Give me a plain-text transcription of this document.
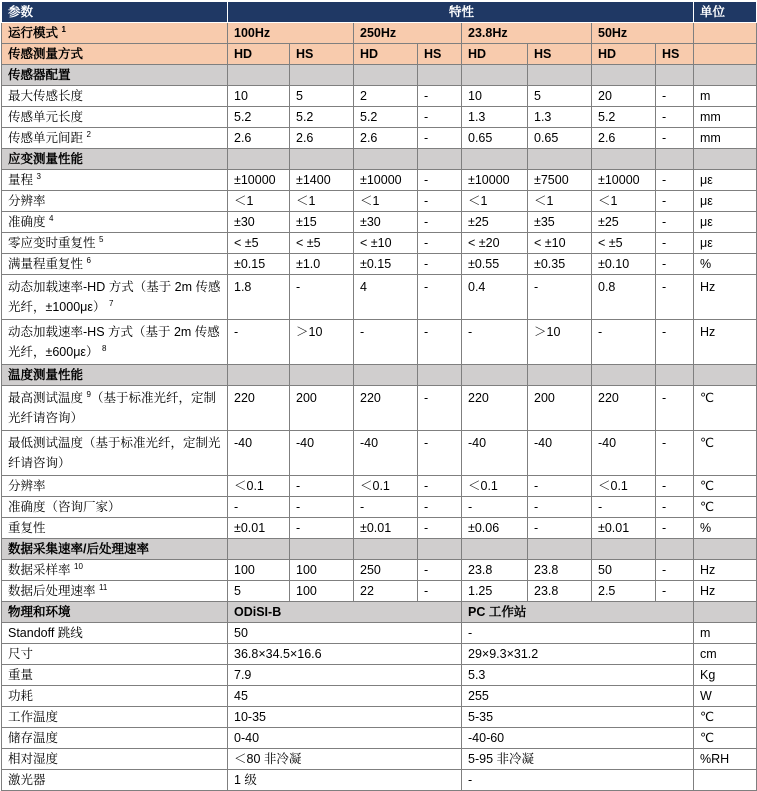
参数	特性								单位
运行模式 $^1$	100Hz		250Hz		23.8Hz		50Hz		
传感测量方式	HD	HS	HD	HS	HD	HS	HD	HS	
传感器配置									
最大传感长度	10	5	2	-	10	5	20	-	m
传感单元长度	5.2	5.2	5.2	-	1.3	1.3	5.2	-	mm
传感单元间距 $^2$	2.6	2.6	2.6	-	0.65	0.65	2.6	-	mm
应变测量性能									
量程 $^3$	±10000	±1400	±10000	-	±10000	±7500	±10000	-	με
分辨率	＜1	＜1	＜1	-	＜1	＜1	＜1	-	με
准确度 $^4$	±30	±15	±30	-	±25	±35	±25	-	με
零应变时重复性 $^5$	< ±5	< ±5	< ±10	-	< ±20	< ±10	< ±5	-	με
满量程重复性 $^6$	±0.15	±1.0	±0.15	-	±0.55	±0.35	±0.10	-	%
动态加载速率-HD 方式（基于 2m 传感光纤，±1000με） $^7$	1.8	-	4	-	0.4	-	0.8	-	Hz
动态加载速率-HS 方式（基于 2m 传感光纤，±600με） $^8$	-	＞10	-	-	-	＞10	-	-	Hz
温度测量性能									
最高测试温度 $^9$（基于标准光纤，定制光纤请咨询）	220	200	220	-	220	200	220	-	℃
最低测试温度（基于标准光纤，定制光纤请咨询）	-40	-40	-40	-	-40	-40	-40	-	℃
分辨率	＜0.1	-	＜0.1	-	＜0.1	-	＜0.1	-	℃
准确度（咨询厂家）	-	-	-	-	-	-	-	-	℃
重复性	±0.01	-	±0.01	-	±0.06	-	±0.01	-	%
数据采集速率/后处理速率									
数据采样率 $^{10}$	100	100	250	-	23.8	23.8	50	-	Hz
数据后处理速率 $^{11}$	5	100	22	-	1.25	23.8	2.5	-	Hz
物理和环境	ODiSI-B				PC 工作站				
Standoff 跳线	50				-				m
尺寸	36.8×34.5×16.6				29×9.3×31.2				cm
重量	7.9				5.3				Kg
功耗	45				255				W
工作温度	10-35				5-35				℃
储存温度	0-40				-40-60				℃
相对湿度	＜80 非冷凝				5-95 非冷凝				%RH
激光器	1 级				-				
